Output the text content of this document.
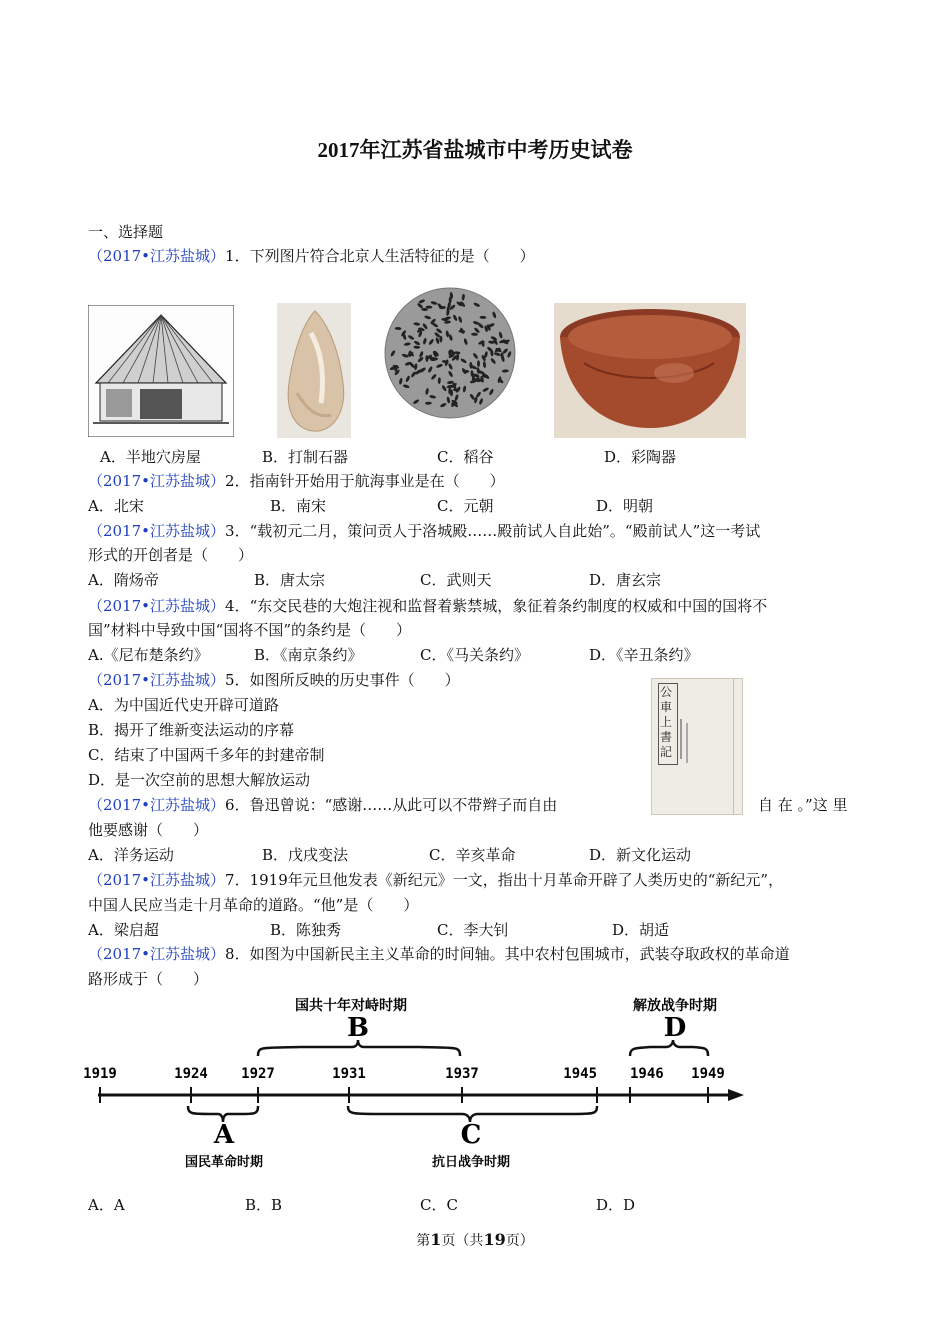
2017年江苏省盐城市中考历史试卷
一、选择题
（2017•江苏盐城）1．下列图片符合北京人生活特征的是（　　）
A．半地穴房屋	B．打制石器	C．稻谷	D．彩陶器
（2017•江苏盐城）2．指南针开始用于航海事业是在（　　）
A．北宋	B．南宋	C．元朝	D．明朝
（2017•江苏盐城）3．“载初元二月，策问贡人于洛城殿……殿前试人自此始”。“殿前试人”这一考试
形式的开创者是（　　）
A．隋炀帝	B．唐太宗	C．武则天	D．唐玄宗
（2017•江苏盐城）4．“东交民巷的大炮注视和监督着紫禁城，象征着条约制度的权威和中国的国将不
国”材料中导致中国“国将不国”的条约是（　　）
A.《尼布楚条约》	B．《南京条约》	C．《马关条约》	D．《辛丑条约》
（2017•江苏盐城）5．如图所反映的历史事件（　　）
A．为中国近代史开辟可道路
B．揭开了维新变法运动的序幕
C．结束了中国两千多年的封建帝制
D．是一次空前的思想大解放运动
公車上書記
（2017•江苏盐城）6．鲁迅曾说：“感谢……从此可以不带辫子而自由	自 在 。”这 里
他要感谢（　　）
A．洋务运动	B．戊戌变法	C．辛亥革命	D．新文化运动
（2017•江苏盐城）7．1919年元旦他发表《新纪元》一文，指出十月革命开辟了人类历史的“新纪元”，
中国人民应当走十月革命的道路。“他”是（　　）
A．梁启超	B．陈独秀	C．李大钊	D．胡适
（2017•江苏盐城）8．如图为中国新民主主义革命的时间轴。其中农村包围城市，武装夺取政权的革命道
路形成于（　　）
国共十年对峙时期
B
解放战争时期
D
1919	1924 1927	1931	1937	1945 1946 1949
A
国民革命时期
C
抗日战争时期
A．A	B．B	C．C	D．D
第1页（共19页）
